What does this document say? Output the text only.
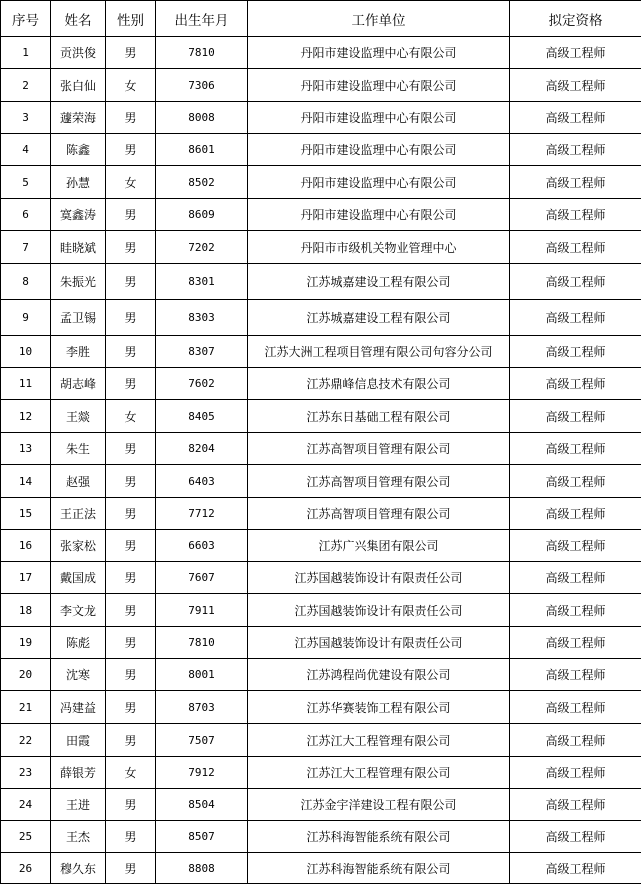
序号	姓名	性别	出生年月	工作单位	拟定资格
1	贡洪俊	男	7810	丹阳市建设监理中心有限公司	高级工程师
2	张白仙	女	7306	丹阳市建设监理中心有限公司	高级工程师
3	蘧荣海	男	8008	丹阳市建设监理中心有限公司	高级工程师
4	陈鑫	男	8601	丹阳市建设监理中心有限公司	高级工程师
5	孙慧	女	8502	丹阳市建设监理中心有限公司	高级工程师
6	寞鑫涛	男	8609	丹阳市建设监理中心有限公司	高级工程师
7	眭晓斌	男	7202	丹阳市市级机关物业管理中心	高级工程师
8	朱振光	男	8301	江苏城嘉建设工程有限公司	高级工程师
9	孟卫锡	男	8303	江苏城嘉建设工程有限公司	高级工程师
10	李胜	男	8307	江苏大洲工程项目管理有限公司句容分公司	高级工程师
11	胡志峰	男	7602	江苏鼎峰信息技术有限公司	高级工程师
12	王燚	女	8405	江苏东日基础工程有限公司	高级工程师
13	朱生	男	8204	江苏高智项目管理有限公司	高级工程师
14	赵强	男	6403	江苏高智项目管理有限公司	高级工程师
15	王正法	男	7712	江苏高智项目管理有限公司	高级工程师
16	张家松	男	6603	江苏广兴集团有限公司	高级工程师
17	戴国成	男	7607	江苏国越装饰设计有限责任公司	高级工程师
18	李文龙	男	7911	江苏国越装饰设计有限责任公司	高级工程师
19	陈彪	男	7810	江苏国越装饰设计有限责任公司	高级工程师
20	沈寒	男	8001	江苏鸿程尚优建设有限公司	高级工程师
21	冯建益	男	8703	江苏华赛装饰工程有限公司	高级工程师
22	田霞	男	7507	江苏江大工程管理有限公司	高级工程师
23	薛银芳	女	7912	江苏江大工程管理有限公司	高级工程师
24	王进	男	8504	江苏金宇洋建设工程有限公司	高级工程师
25	王杰	男	8507	江苏科海智能系统有限公司	高级工程师
26	穆久东	男	8808	江苏科海智能系统有限公司	高级工程师
